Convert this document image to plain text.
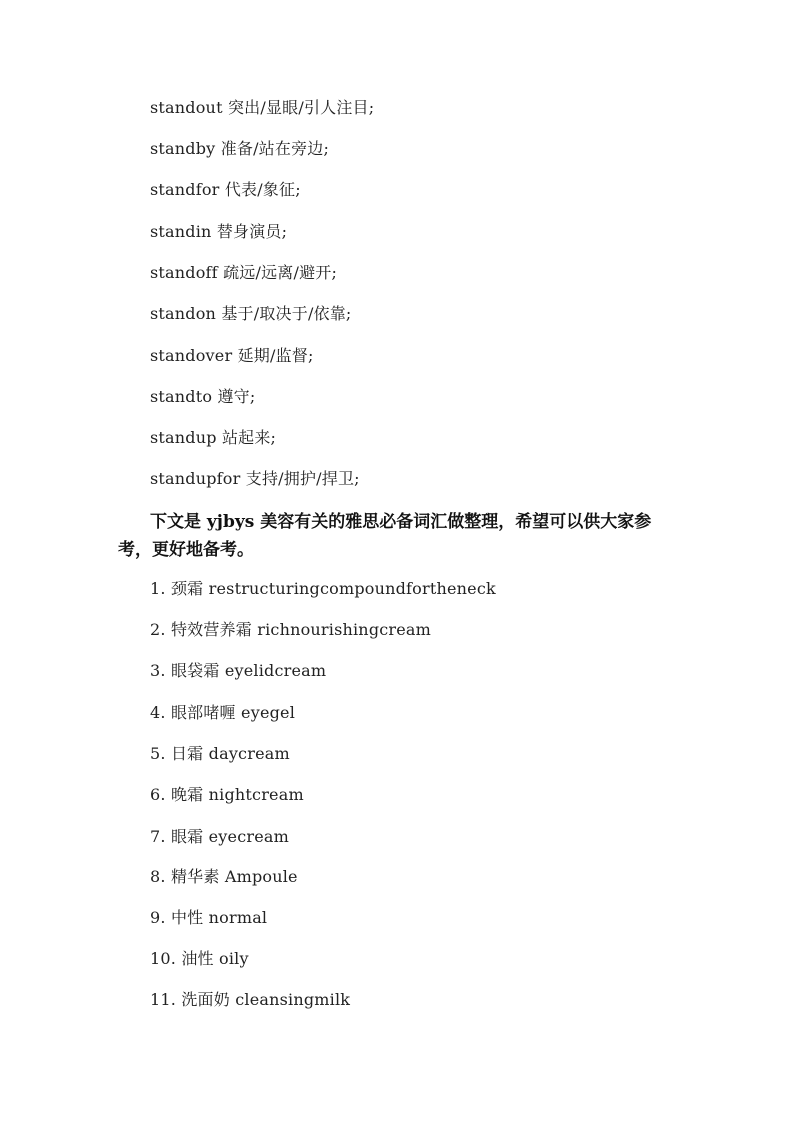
standout 突出/显眼/引人注目;
standby 准备/站在旁边;
standfor 代表/象征;
standin 替身演员;
standoff 疏远/远离/避开;
standon 基于/取决于/依靠;
standover 延期/监督;
standto 遵守;
standup 站起来;
standupfor 支持/拥护/捍卫;
下文是 yjbys 美容有关的雅思必备词汇做整理，希望可以供大家参考，更好地备考。
1. 颈霜 restructuringcompoundfortheneck
2. 特效营养霜 richnourishingcream
3. 眼袋霜 eyelidcream
4. 眼部啫喱 eyegel
5. 日霜 daycream
6. 晚霜 nightcream
7. 眼霜 eyecream
8. 精华素 Ampoule
9. 中性 normal
10. 油性 oily
11. 洗面奶 cleansingmilk
